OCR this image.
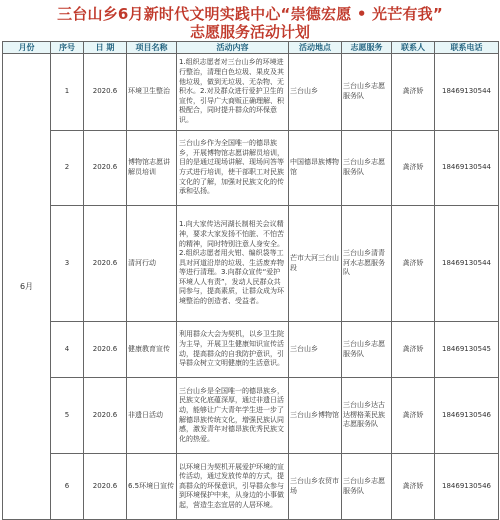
三台山乡6月新时代文明实践中心“崇德宏愿 • 光芒有我”
志愿服务活动计划
月份	序号	日 期	项目名称	活动内容	活动地点	志愿服务	联系人	联系电话
6月	1	2020.6	环境卫生整治	1.组织志愿者对三台山乡的环境进行整治，清理白色垃圾、果皮及其他垃圾，做到无垃圾、无杂物、无积水。2.对及群众进行爱护卫生的宣传，引导广大商贩正确理解、积极配合，同时提升群众的环保意识。	三台山乡	三台山乡志愿服务队	龚济娇	18469130544
	2	2020.6	博物馆志愿讲解员培训	三台山乡作为全国唯一的德昂族乡，开展博物馆志愿讲解员培训，目的是通过现场讲解、现场问答等方式进行培训，使干部职工对民族文化的了解，加强对民族文化的传承和弘扬。	中国德昂族博物馆	三台山乡志愿服务队	龚济娇	18469130544
	3	2020.6	清河行动	1.向大家传达河湖长制相关会议精神，要求大家发扬不怕脏、不怕苦的精神，同时特别注意人身安全。2.组织志愿者用火钳、编织袋等工具对河道沿岸的垃圾、生活废弃物等进行清理。3.向群众宣传“爱护环境人人有责”，发动人民群众共同参与，提高素质，让群众成为环境整治的创造者、受益者。	芒市大河三台山段	三台山乡清青河水志愿服务队	龚济娇	18469130544
	4	2020.6	健康教育宣传	利用群众大会为契机，以乡卫生院为主导，开展卫生健康知识宣传活动，提高群众的自我防护意识，引导群众树立文明健康的生活意识。	三台山乡	三台山乡志愿服务队	龚济娇	18469130545
	5	2020.6	非遗日活动	三台山乡是全国唯一的德昂族乡，民族文化底蕴深厚，通过非遗日活动，能够让广大青年学生进一步了解德昂族传统文化，增强民族认同感，激发青年对德昂族优秀民族文化的热爱。	三台山乡博物馆	三台山乡达古达楞格莱民族志愿服务队	龚济娇	18469130546
	6	2020.6	6.5环境日宣传	以环境日为契机开展爱护环境的宣传活动，通过发放传单的方式，提高群众的环保意识，引导群众参与到环境保护中来，从身边的小事做起，营造生态宜居的人居环境。	三台山乡农贸市场	三台山乡志愿服务队	龚济娇	18469130546
